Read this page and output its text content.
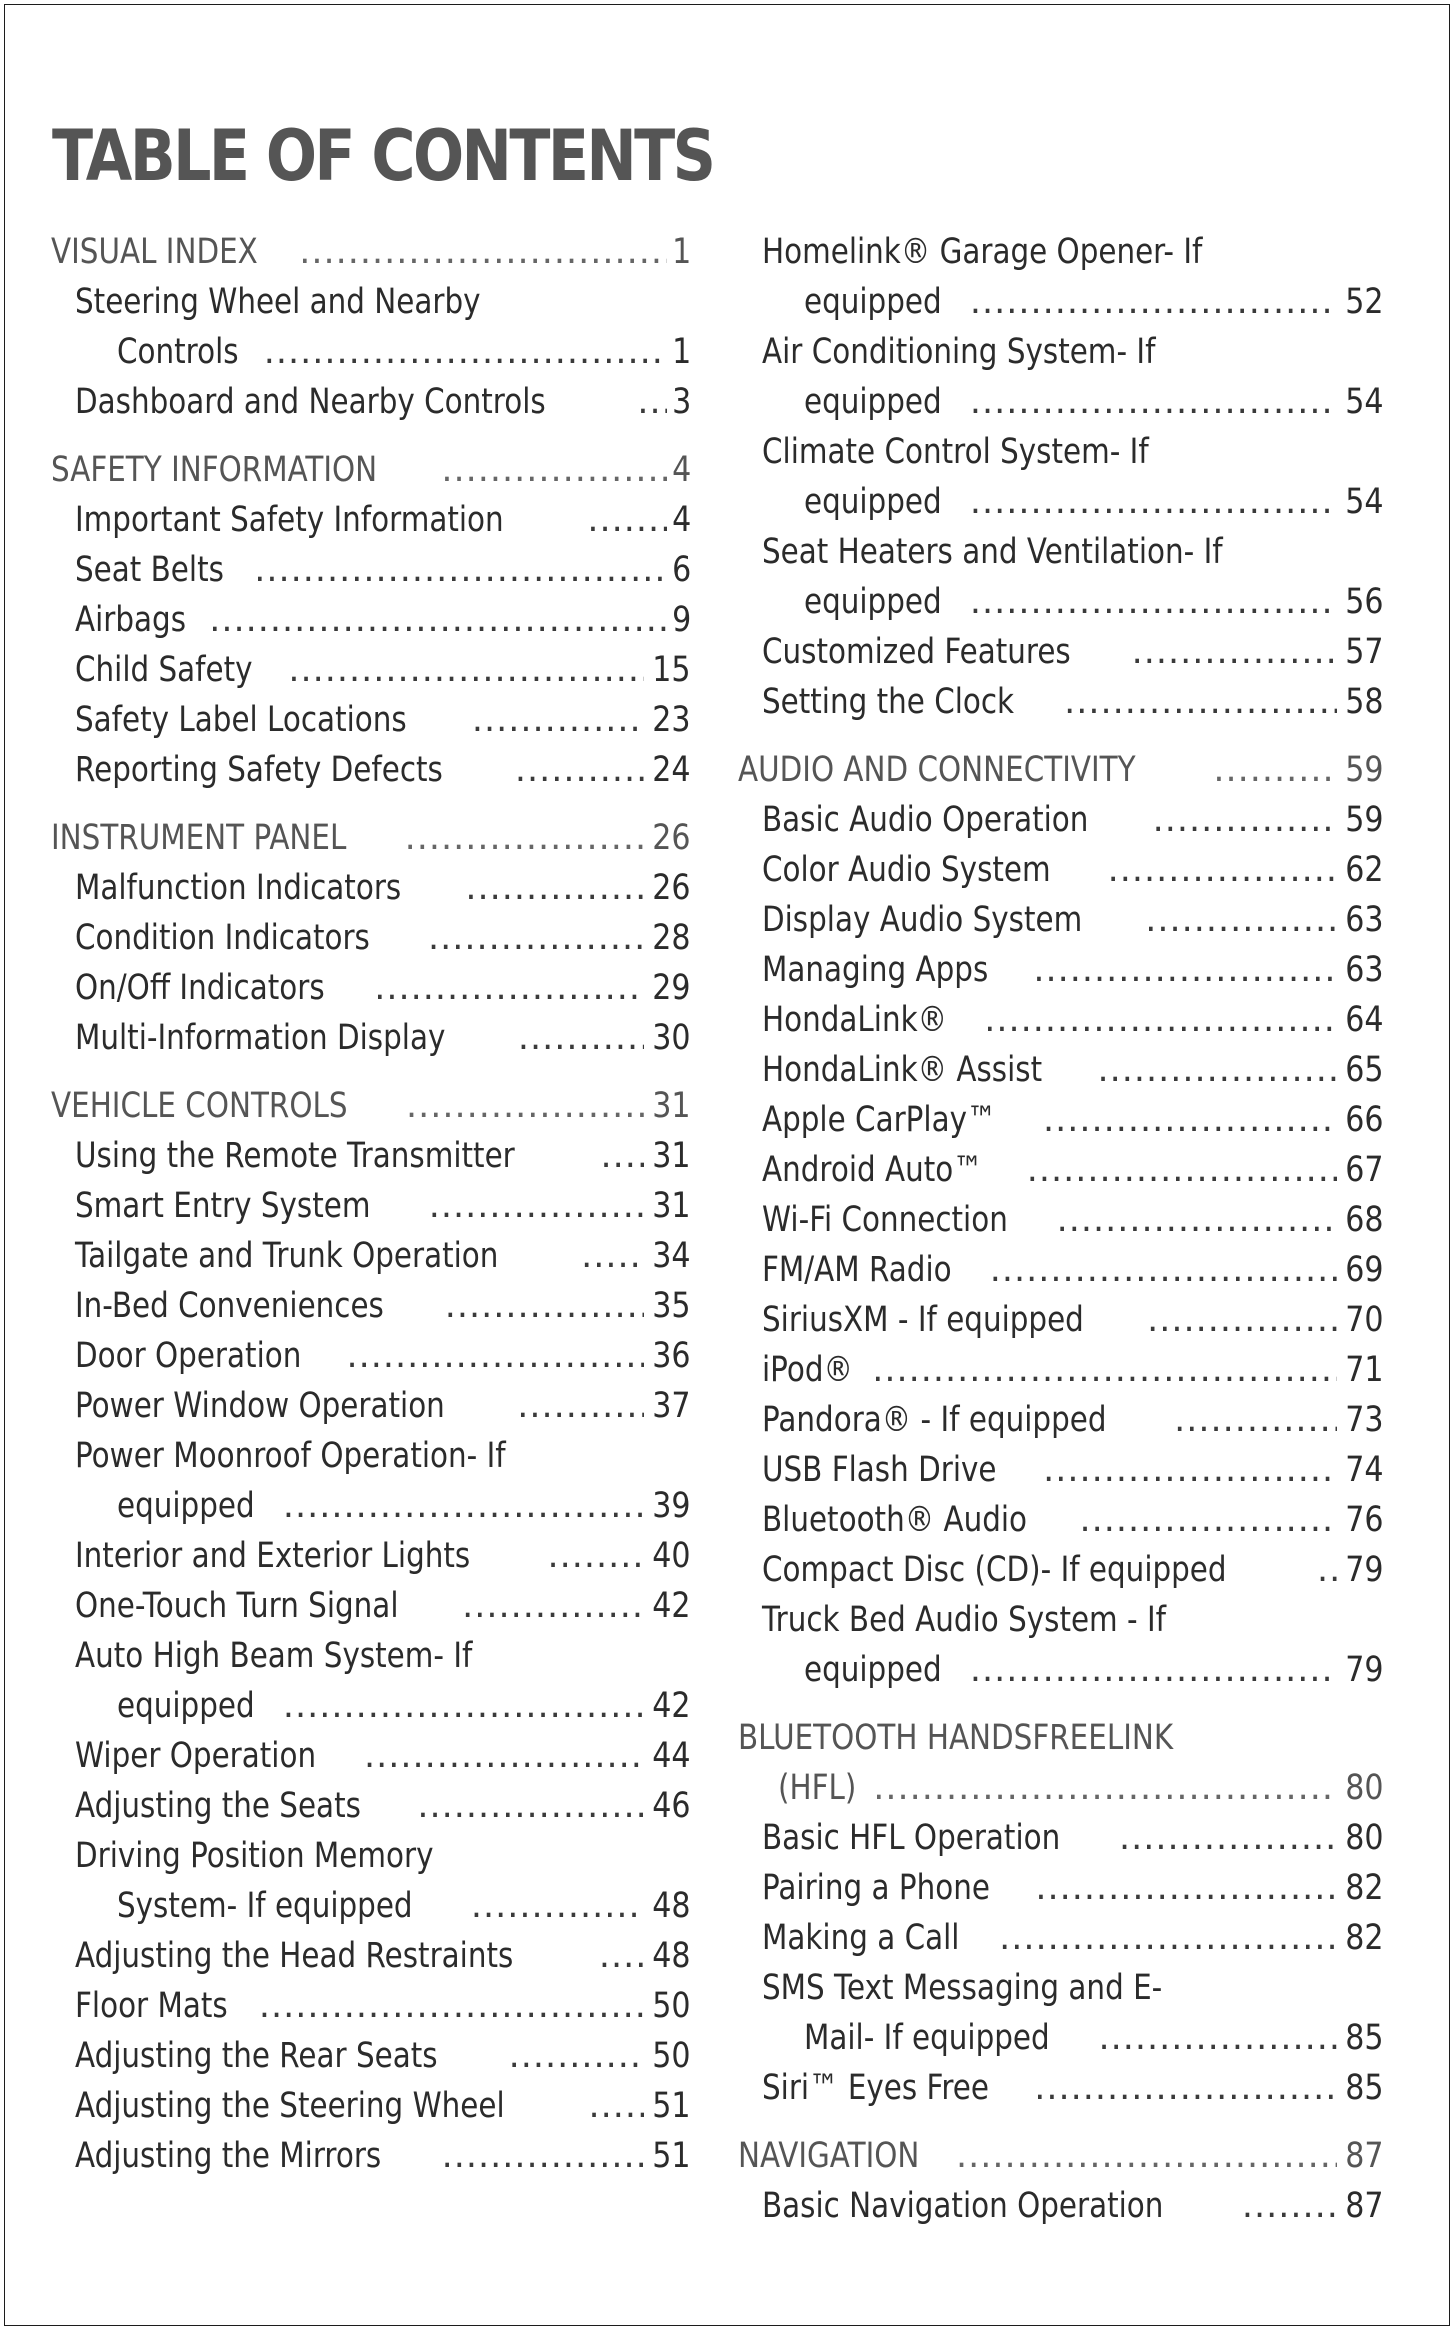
TABLE OF CONTENTS
VISUAL INDEX .....	1
Steering Wheel and Nearby
Controls .....	1
Dashboard and Nearby Controls .....	3
SAFETY INFORMATION .....	4
Important Safety Information .....	4
Seat Belts .....	6
Airbags .....	9
Child Safety .....	15
Safety Label Locations .....	23
Reporting Safety Defects .....	24
INSTRUMENT PANEL .....	26
Malfunction Indicators .....	26
Condition Indicators .....	28
On/Off Indicators .....	29
Multi-Information Display .....	30
VEHICLE CONTROLS .....	31
Using the Remote Transmitter .....	31
Smart Entry System .....	31
Tailgate and Trunk Operation .....	34
In-Bed Conveniences .....	35
Door Operation .....	36
Power Window Operation .....	37
Power Moonroof Operation- If
equipped .....	39
Interior and Exterior Lights .....	40
One-Touch Turn Signal .....	42
Auto High Beam System- If
equipped .....	42
Wiper Operation .....	44
Adjusting the Seats .....	46
Driving Position Memory
System- If equipped .....	48
Adjusting the Head Restraints .....	48
Floor Mats .....	50
Adjusting the Rear Seats .....	50
Adjusting the Steering Wheel .....	51
Adjusting the Mirrors .....	51
Homelink® Garage Opener- If
equipped .....	52
Air Conditioning System- If
equipped .....	54
Climate Control System- If
equipped .....	54
Seat Heaters and Ventilation- If
equipped .....	56
Customized Features .....	57
Setting the Clock .....	58
AUDIO AND CONNECTIVITY .....	59
Basic Audio Operation .....	59
Color Audio System .....	62
Display Audio System .....	63
Managing Apps .....	63
HondaLink® .....	64
HondaLink® Assist .....	65
Apple CarPlay™ .....	66
Android Auto™ .....	67
Wi-Fi Connection .....	68
FM/AM Radio .....	69
SiriusXM - If equipped .....	70
iPod® .....	71
Pandora® - If equipped .....	73
USB Flash Drive .....	74
Bluetooth® Audio .....	76
Compact Disc (CD)- If equipped .....	79
Truck Bed Audio System - If
equipped .....	79
BLUETOOTH HANDSFREELINK
(HFL) .....	80
Basic HFL Operation .....	80
Pairing a Phone .....	82
Making a Call .....	82
SMS Text Messaging and E-
Mail- If equipped .....	85
Siri™ Eyes Free .....	85
NAVIGATION .....	87
Basic Navigation Operation .....	87
